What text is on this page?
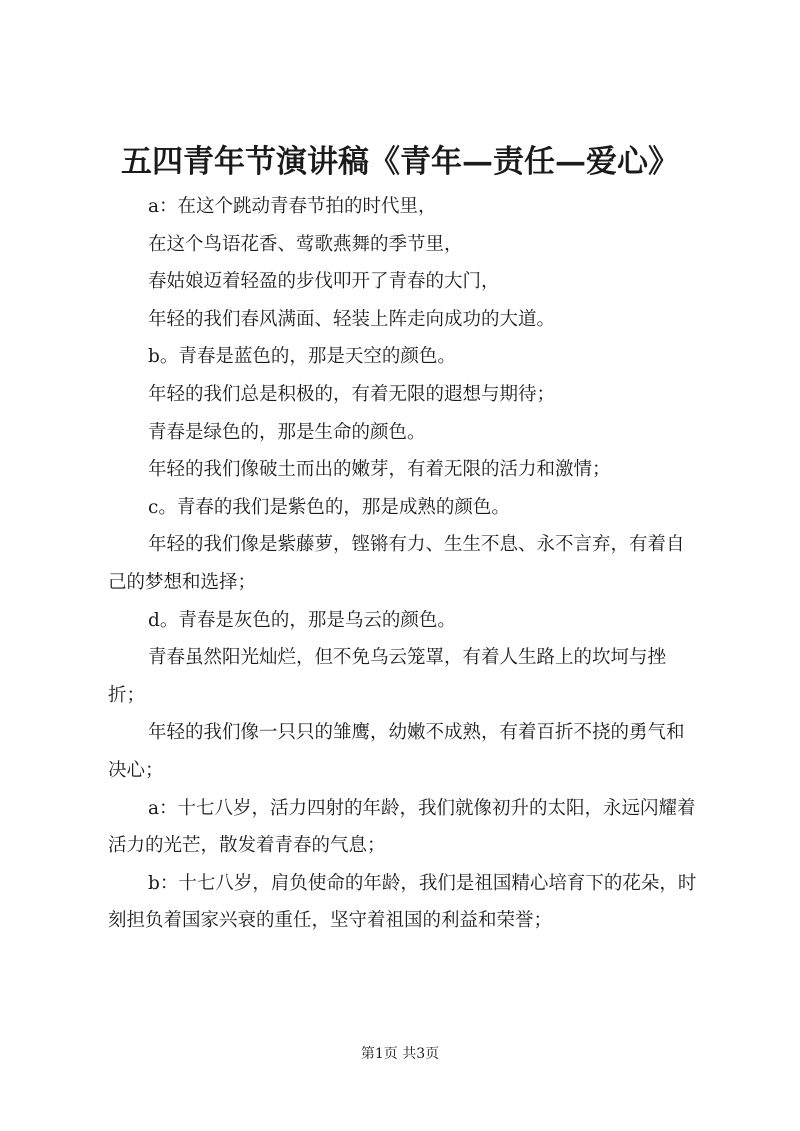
五四青年节演讲稿《青年—责任—爱心》

a：在这个跳动青春节拍的时代里，

在这个鸟语花香、莺歌燕舞的季节里，

春姑娘迈着轻盈的步伐叩开了青春的大门，

年轻的我们春风满面、轻装上阵走向成功的大道。

b。青春是蓝色的，那是天空的颜色。

年轻的我们总是积极的，有着无限的遐想与期待；

青春是绿色的，那是生命的颜色。

年轻的我们像破土而出的嫩芽，有着无限的活力和激情；

c。青春的我们是紫色的，那是成熟的颜色。

年轻的我们像是紫藤萝，铿锵有力、生生不息、永不言弃，有着自己的梦想和选择；

d。青春是灰色的，那是乌云的颜色。

青春虽然阳光灿烂，但不免乌云笼罩，有着人生路上的坎坷与挫折；

年轻的我们像一只只的雏鹰，幼嫩不成熟，有着百折不挠的勇气和决心；

a：十七八岁，活力四射的年龄，我们就像初升的太阳，永远闪耀着活力的光芒，散发着青春的气息；

b：十七八岁，肩负使命的年龄，我们是祖国精心培育下的花朵，时刻担负着国家兴衰的重任，坚守着祖国的利益和荣誉；

第1页 共3页
